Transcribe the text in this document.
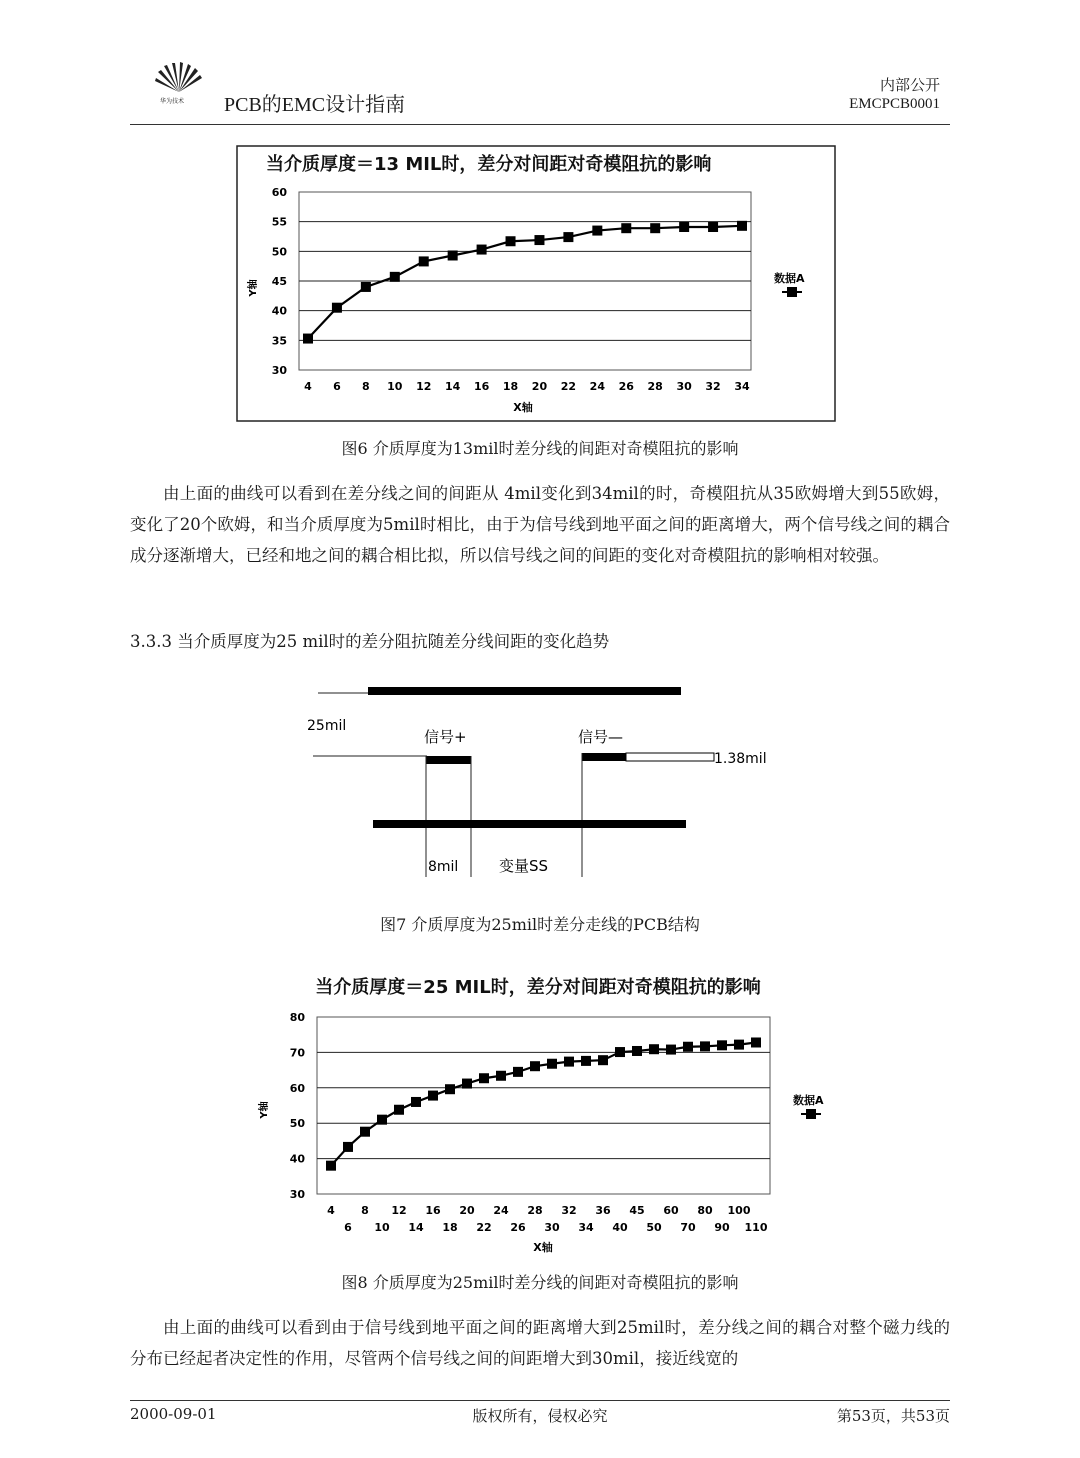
华为技术 PCB的EMC设计指南
内部公开
EMCPCB0001
当介质厚度＝13 MIL时，差分对间距对奇模阻抗的影响
30
35
40
45
50
55
60
4 6 8 10 12 14 16 18 20 22 24 26 28 30 32 34
Y轴
X轴
数据A
图6 介质厚度为13mil时差分线的间距对奇模阻抗的影响
由上面的曲线可以看到在差分线之间的间距从 4mil变化到34mil的时，奇模阻抗从35欧姆增大到55欧姆，变化了20个欧姆，和当介质厚度为5mil时相比，由于为信号线到地平面之间的距离增大，两个信号线之间的耦合成分逐渐增大，已经和地之间的耦合相比拟，所以信号线之间的间距的变化对奇模阻抗的影响相对较强。
3.3.3 当介质厚度为25 mil时的差分阻抗随差分线间距的变化趋势
25mil
信号+	信号—
1.38mil
8mil	变量SS
图7 介质厚度为25mil时差分走线的PCB结构
当介质厚度＝25 MIL时，差分对间距对奇模阻抗的影响
30
40
50
60
70
80
4
6
8
10
12
14
16
18
20
22
24
26
28
30
32
34
36
40
45
50
60
70
80
90
100
110
Y轴
X轴
数据A
图8 介质厚度为25mil时差分线的间距对奇模阻抗的影响
由上面的曲线可以看到由于信号线到地平面之间的距离增大到25mil时，差分线之间的耦合对整个磁力线的分布已经起者决定性的作用，尽管两个信号线之间的间距增大到30mil，接近线宽的
2000-09-01	版权所有，侵权必究	第53页，共53页
